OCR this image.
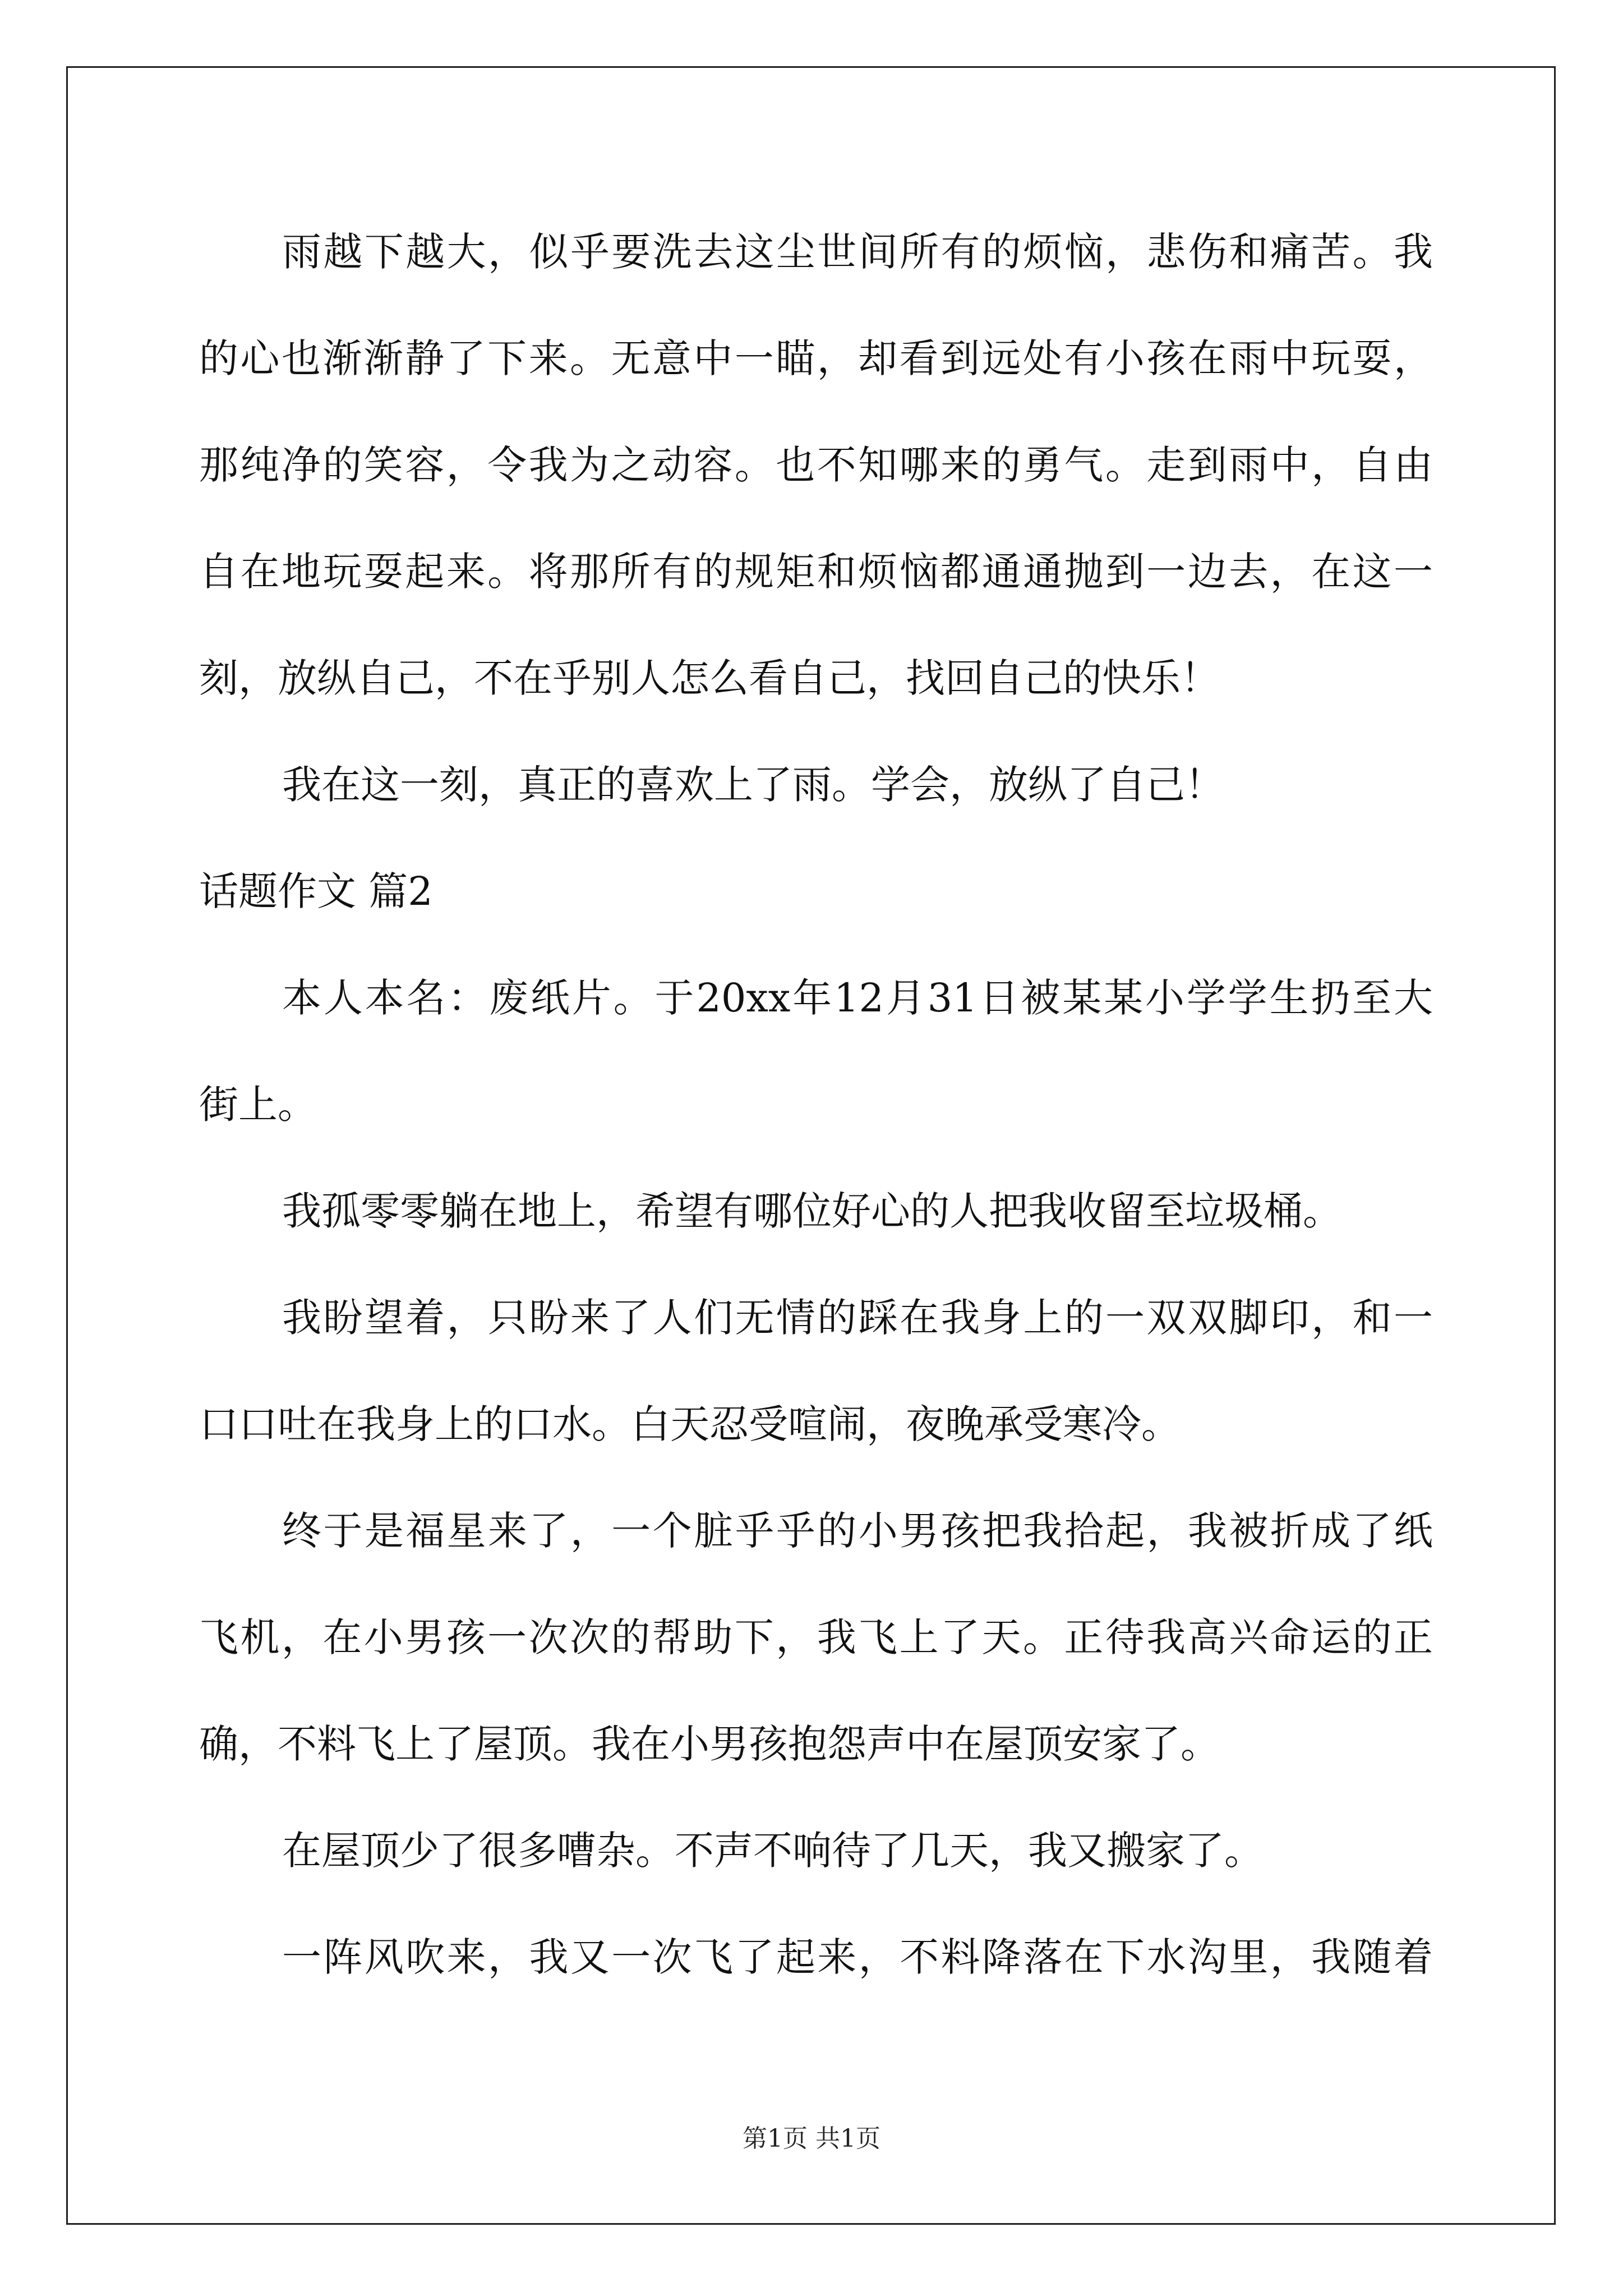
雨越下越大，似乎要洗去这尘世间所有的烦恼，悲伤和痛苦。我
的心也渐渐静了下来。无意中一瞄，却看到远处有小孩在雨中玩耍，
那纯净的笑容，令我为之动容。也不知哪来的勇气。走到雨中，自由
自在地玩耍起来。将那所有的规矩和烦恼都通通抛到一边去，在这一
刻，放纵自己，不在乎别人怎么看自己，找回自己的快乐！
我在这一刻，真正的喜欢上了雨。学会，放纵了自己！
话题作文 篇2
本人本名：废纸片。于20xx年12月31日被某某小学学生扔至大
街上。
我孤零零躺在地上，希望有哪位好心的人把我收留至垃圾桶。
我盼望着，只盼来了人们无情的踩在我身上的一双双脚印，和一
口口吐在我身上的口水。白天忍受喧闹，夜晚承受寒冷。
终于是福星来了，一个脏乎乎的小男孩把我拾起，我被折成了纸
飞机，在小男孩一次次的帮助下，我飞上了天。正待我高兴命运的正
确，不料飞上了屋顶。我在小男孩抱怨声中在屋顶安家了。
在屋顶少了很多嘈杂。不声不响待了几天，我又搬家了。
一阵风吹来，我又一次飞了起来，不料降落在下水沟里，我随着
第1页 共1页
